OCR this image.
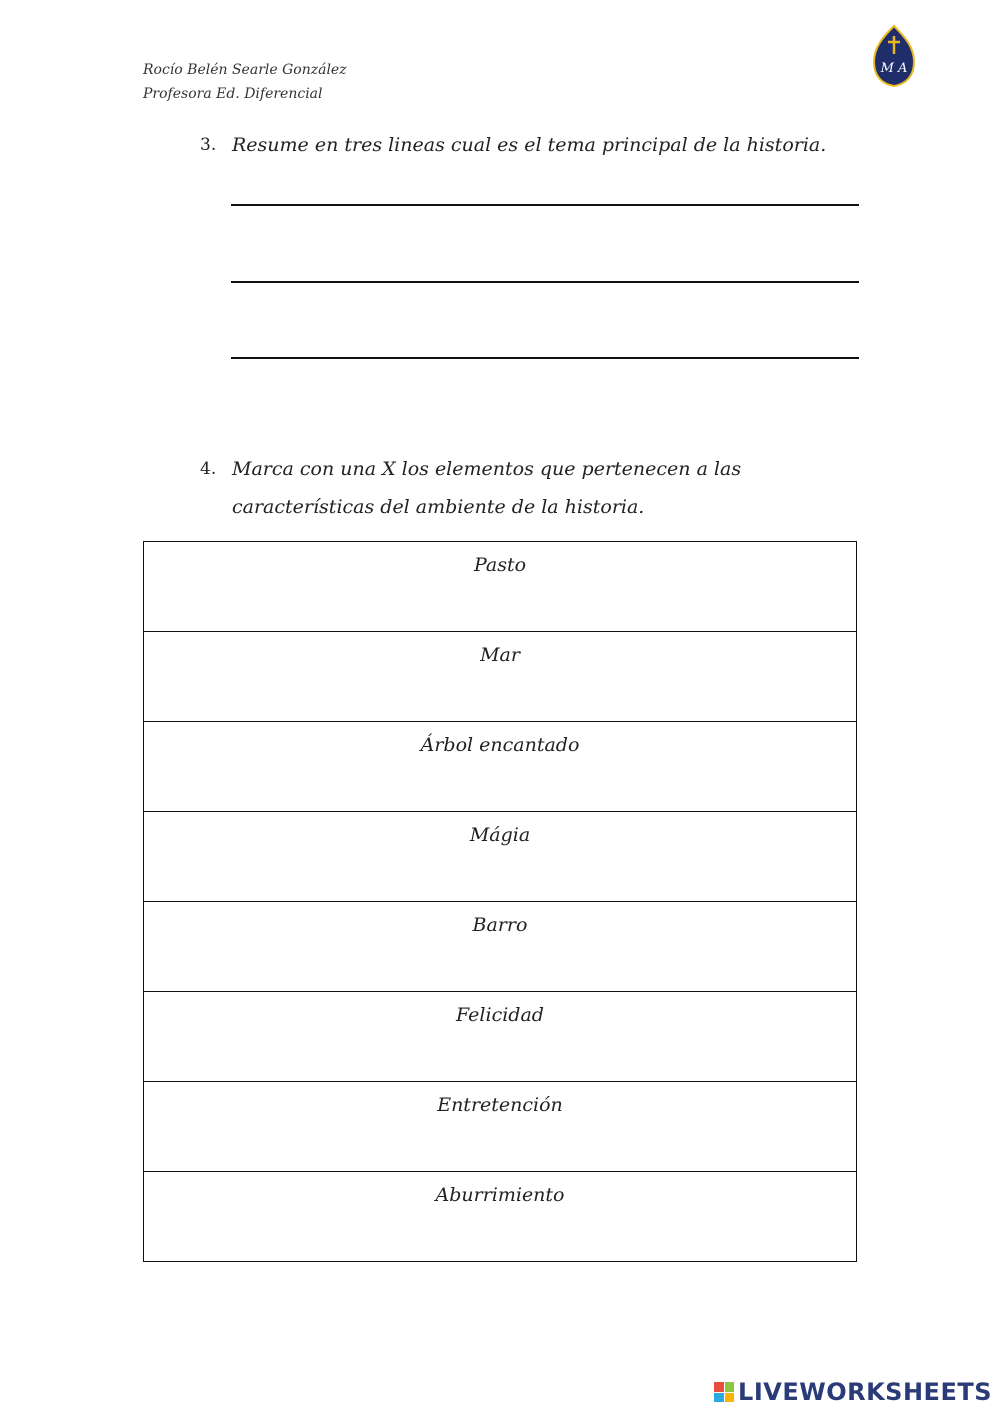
Rocío Belén Searle González
Profesora Ed. Diferencial
M A
3. Resume en tres lineas cual es el tema principal de la historia.
4. Marca con una X los elementos que pertenecen a las características del ambiente de la historia.
Pasto
Mar
Árbol encantado
Mágia
Barro
Felicidad
Entretención
Aburrimiento
LIVEWORKSHEETS
